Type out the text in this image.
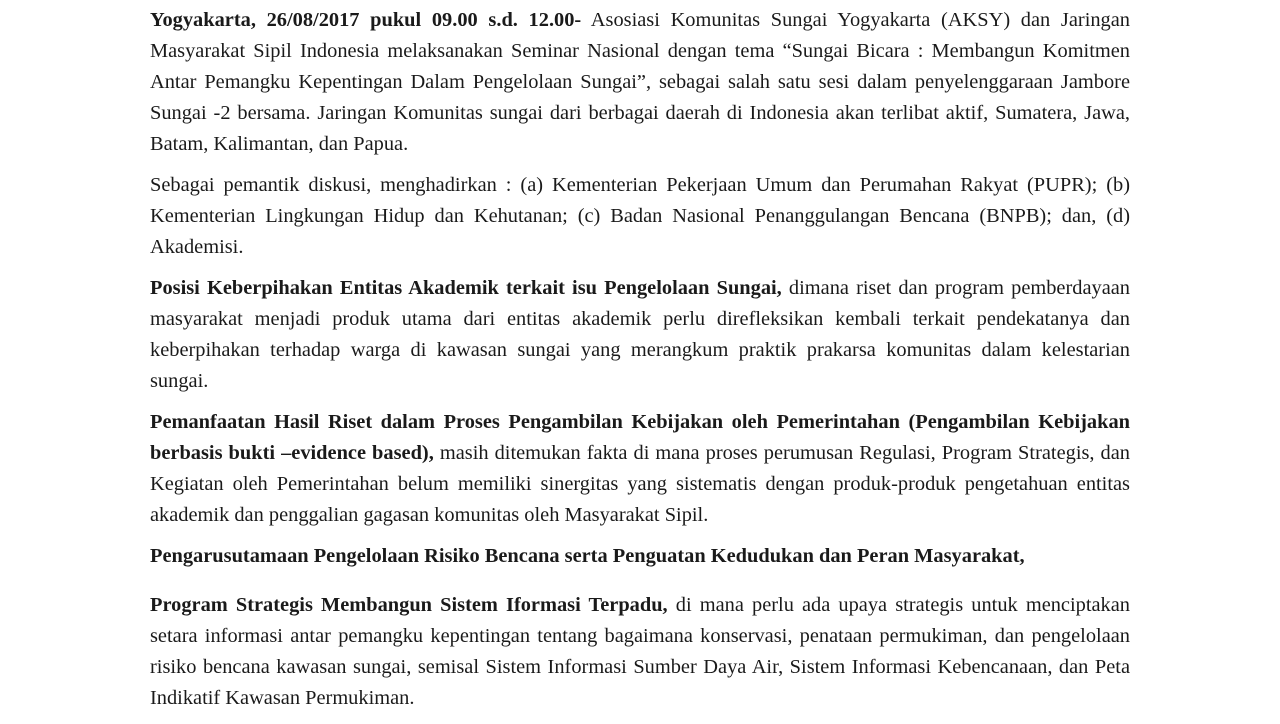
Yogyakarta, 26/08/2017 pukul 09.00 s.d. 12.00- Asosiasi Komunitas Sungai Yogyakarta (AKSY) dan Jaringan Masyarakat Sipil Indonesia melaksanakan Seminar Nasional dengan tema “Sungai Bicara : Membangun Komitmen Antar Pemangku Kepentingan Dalam Pengelolaan Sungai”, sebagai salah satu sesi dalam penyelenggaraan Jambore Sungai -2 bersama. Jaringan Komunitas sungai dari berbagai daerah di Indonesia akan terlibat aktif, Sumatera, Jawa, Batam, Kalimantan, dan Papua.

Sebagai pemantik diskusi, menghadirkan : (a) Kementerian Pekerjaan Umum dan Perumahan Rakyat (PUPR); (b) Kementerian Lingkungan Hidup dan Kehutanan; (c) Badan Nasional Penanggulangan Bencana (BNPB); dan, (d) Akademisi.

Posisi Keberpihakan Entitas Akademik terkait isu Pengelolaan Sungai, dimana riset dan program pemberdayaan masyarakat menjadi produk utama dari entitas akademik perlu direfleksikan kembali terkait pendekatanya dan keberpihakan terhadap warga di kawasan sungai yang merangkum praktik prakarsa komunitas dalam kelestarian sungai.

Pemanfaatan Hasil Riset dalam Proses Pengambilan Kebijakan oleh Pemerintahan (Pengambilan Kebijakan berbasis bukti –evidence based), masih ditemukan fakta di mana proses perumusan Regulasi, Program Strategis, dan Kegiatan oleh Pemerintahan belum memiliki sinergitas yang sistematis dengan produk-produk pengetahuan entitas akademik dan penggalian gagasan komunitas oleh Masyarakat Sipil.

Pengarusutamaan Pengelolaan Risiko Bencana serta Penguatan Kedudukan dan Peran Masyarakat,

Program Strategis Membangun Sistem Iformasi Terpadu, di mana perlu ada upaya strategis untuk menciptakan setara informasi antar pemangku kepentingan tentang bagaimana konservasi, penataan permukiman, dan pengelolaan risiko bencana kawasan sungai, semisal Sistem Informasi Sumber Daya Air, Sistem Informasi Kebencanaan, dan Peta Indikatif Kawasan Permukiman.
